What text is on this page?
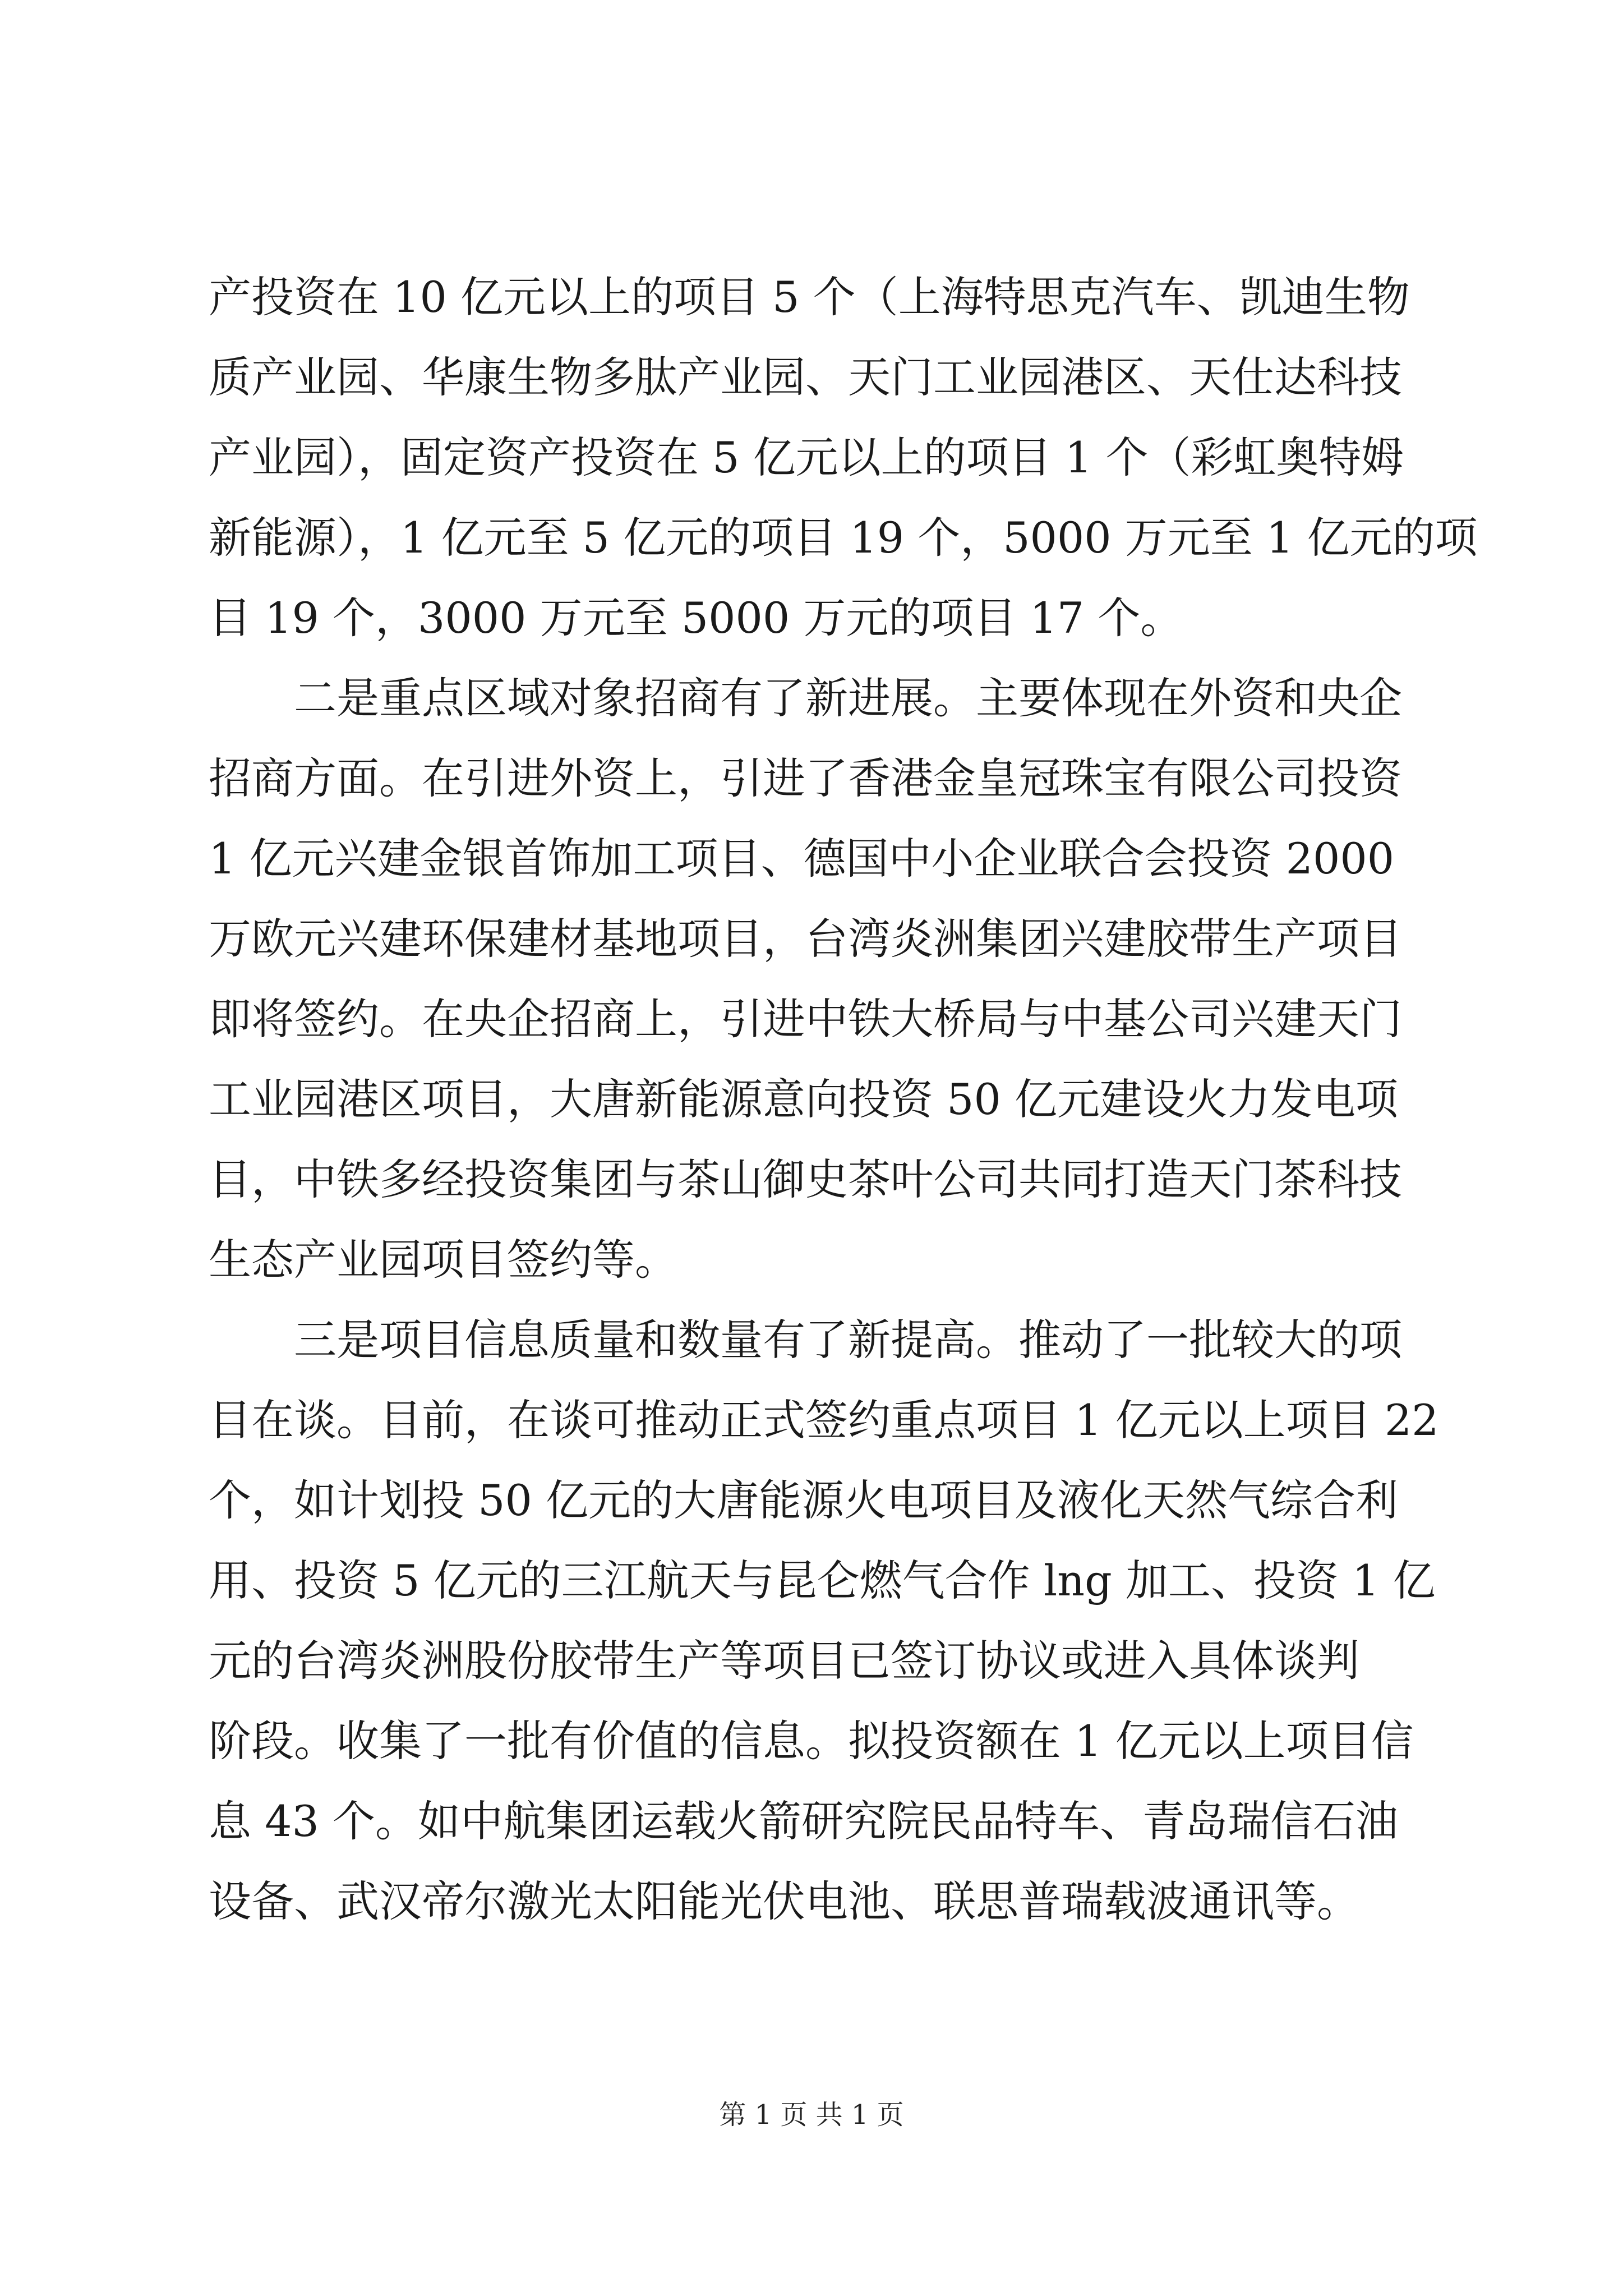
产投资在 10 亿元以上的项目 5 个（上海特思克汽车、凯迪生物
质产业园、华康生物多肽产业园、天门工业园港区、天仕达科技
产业园），固定资产投资在 5 亿元以上的项目 1 个（彩虹奥特姆
新能源），1 亿元至 5 亿元的项目 19 个，5000 万元至 1 亿元的项
目 19 个，3000 万元至 5000 万元的项目 17 个。

二是重点区域对象招商有了新进展。主要体现在外资和央企
招商方面。在引进外资上，引进了香港金皇冠珠宝有限公司投资
1 亿元兴建金银首饰加工项目、德国中小企业联合会投资 2000
万欧元兴建环保建材基地项目，台湾炎洲集团兴建胶带生产项目
即将签约。在央企招商上，引进中铁大桥局与中基公司兴建天门
工业园港区项目，大唐新能源意向投资 50 亿元建设火力发电项
目，中铁多经投资集团与茶山御史茶叶公司共同打造天门茶科技
生态产业园项目签约等。

三是项目信息质量和数量有了新提高。推动了一批较大的项
目在谈。目前，在谈可推动正式签约重点项目 1 亿元以上项目 22
个，如计划投 50 亿元的大唐能源火电项目及液化天然气综合利
用、投资 5 亿元的三江航天与昆仑燃气合作 lng 加工、投资 1 亿
元的台湾炎洲股份胶带生产等项目已签订协议或进入具体谈判
阶段。收集了一批有价值的信息。拟投资额在 1 亿元以上项目信
息 43 个。如中航集团运载火箭研究院民品特车、青岛瑞信石油
设备、武汉帝尔激光太阳能光伏电池、联思普瑞载波通讯等。

第 1 页 共 1 页
